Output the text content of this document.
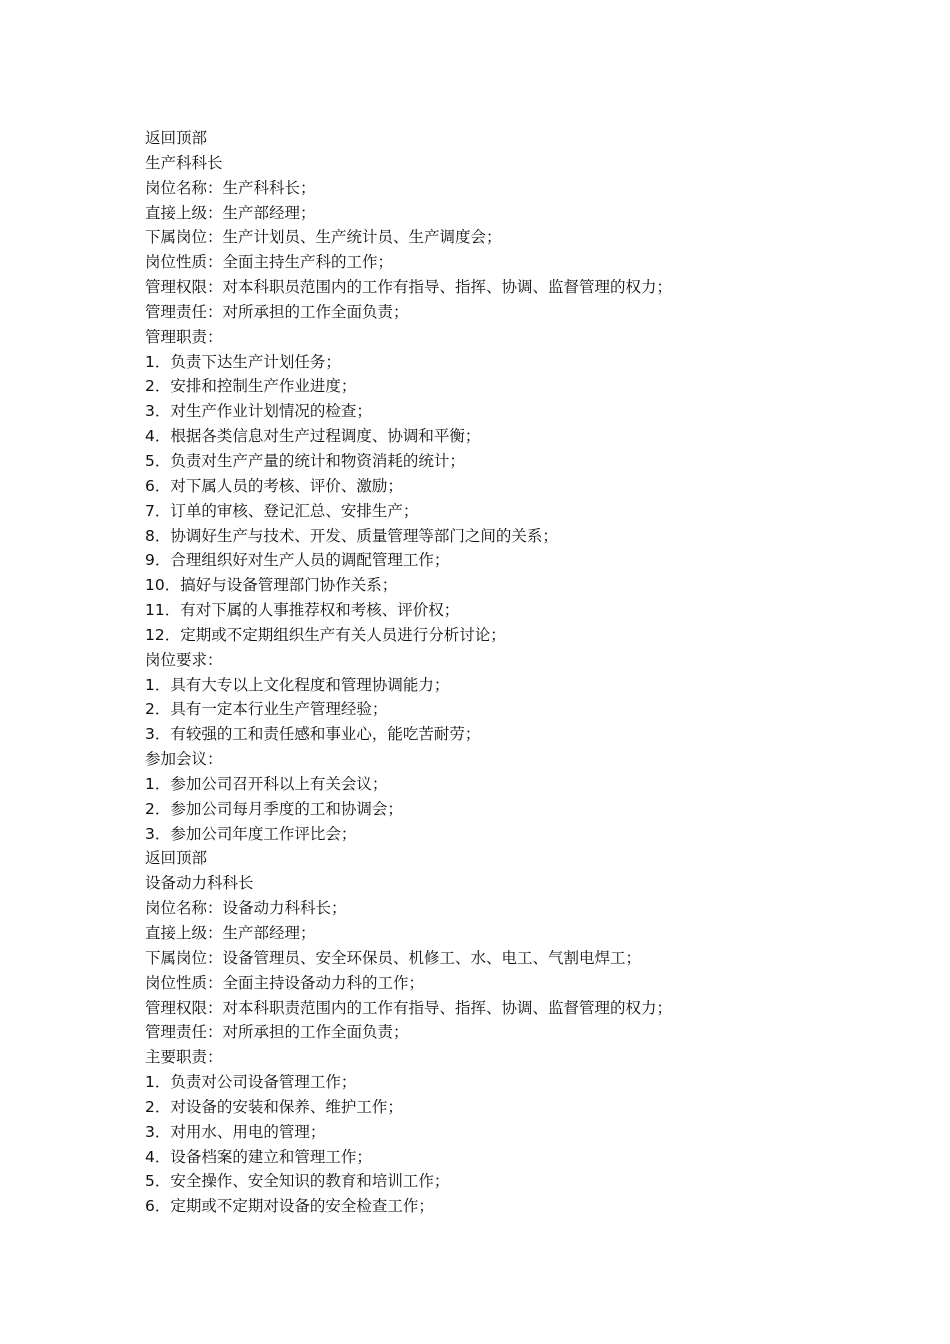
返回顶部
生产科科长
岗位名称：生产科科长；
直接上级：生产部经理；
下属岗位：生产计划员、生产统计员、生产调度会；
岗位性质：全面主持生产科的工作；
管理权限：对本科职员范围内的工作有指导、指挥、协调、监督管理的权力；
管理责任：对所承担的工作全面负责；
管理职责：
1．负责下达生产计划任务；
2．安排和控制生产作业进度；
3．对生产作业计划情况的检查；
4．根据各类信息对生产过程调度、协调和平衡；
5．负责对生产产量的统计和物资消耗的统计；
6．对下属人员的考核、评价、激励；
7．订单的审核、登记汇总、安排生产；
8．协调好生产与技术、开发、质量管理等部门之间的关系；
9．合理组织好对生产人员的调配管理工作；
10．搞好与设备管理部门协作关系；
11．有对下属的人事推荐权和考核、评价权；
12．定期或不定期组织生产有关人员进行分析讨论；
岗位要求：
1．具有大专以上文化程度和管理协调能力；
2．具有一定本行业生产管理经验；
3．有较强的工和责任感和事业心，能吃苦耐劳；
参加会议：
1．参加公司召开科以上有关会议；
2．参加公司每月季度的工和协调会；
3．参加公司年度工作评比会；
返回顶部
设备动力科科长
岗位名称：设备动力科科长；
直接上级：生产部经理；
下属岗位：设备管理员、安全环保员、机修工、水、电工、气割电焊工；
岗位性质：全面主持设备动力科的工作；
管理权限：对本科职责范围内的工作有指导、指挥、协调、监督管理的权力；
管理责任：对所承担的工作全面负责；
主要职责：
1．负责对公司设备管理工作；
2．对设备的安装和保养、维护工作；
3．对用水、用电的管理；
4．设备档案的建立和管理工作；
5．安全操作、安全知识的教育和培训工作；
6．定期或不定期对设备的安全检查工作；
